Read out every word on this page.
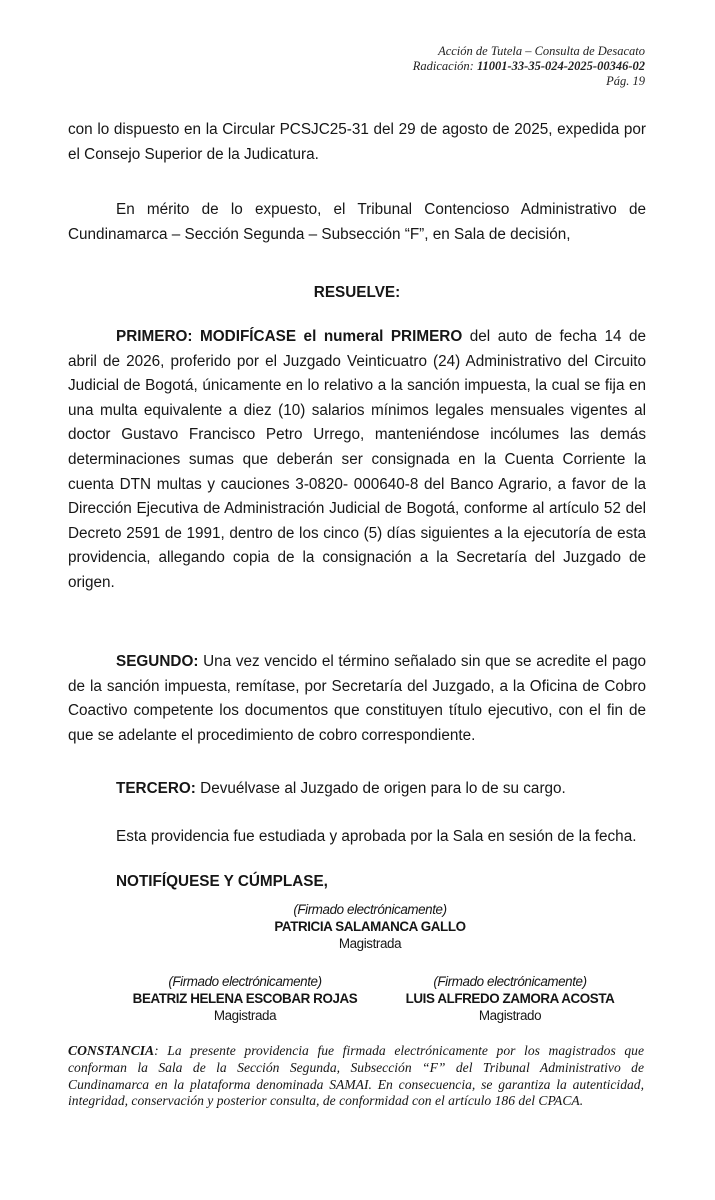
Acción de Tutela – Consulta de Desacato
Radicación: 11001-33-35-024-2025-00346-02
Pág. 19

con lo dispuesto en la Circular PCSJC25-31 del 29 de agosto de 2025, expedida por el Consejo Superior de la Judicatura.

En mérito de lo expuesto, el Tribunal Contencioso Administrativo de Cundinamarca – Sección Segunda – Subsección “F”, en Sala de decisión,

RESUELVE:

PRIMERO: MODIFÍCASE el numeral PRIMERO del auto de fecha 14 de abril de 2026, proferido por el Juzgado Veinticuatro (24) Administrativo del Circuito Judicial de Bogotá, únicamente en lo relativo a la sanción impuesta, la cual se fija en una multa equivalente a diez (10) salarios mínimos legales mensuales vigentes al doctor Gustavo Francisco Petro Urrego, manteniéndose incólumes las demás determinaciones sumas que deberán ser consignada en la Cuenta Corriente la cuenta DTN multas y cauciones 3-0820- 000640-8 del Banco Agrario, a favor de la Dirección Ejecutiva de Administración Judicial de Bogotá, conforme al artículo 52 del Decreto 2591 de 1991, dentro de los cinco (5) días siguientes a la ejecutoría de esta providencia, allegando copia de la consignación a la Secretaría del Juzgado de origen.

SEGUNDO: Una vez vencido el término señalado sin que se acredite el pago de la sanción impuesta, remítase, por Secretaría del Juzgado, a la Oficina de Cobro Coactivo competente los documentos que constituyen título ejecutivo, con el fin de que se adelante el procedimiento de cobro correspondiente.

TERCERO: Devuélvase al Juzgado de origen para lo de su cargo.

Esta providencia fue estudiada y aprobada por la Sala en sesión de la fecha.

NOTIFÍQUESE Y CÚMPLASE,

(Firmado electrónicamente)
PATRICIA SALAMANCA GALLO
Magistrada
(Firmado electrónicamente)
BEATRIZ HELENA ESCOBAR ROJAS
Magistrada
(Firmado electrónicamente)
LUIS ALFREDO ZAMORA ACOSTA
Magistrado

CONSTANCIA: La presente providencia fue firmada electrónicamente por los magistrados que conforman la Sala de la Sección Segunda, Subsección “F” del Tribunal Administrativo de Cundinamarca en la plataforma denominada SAMAI. En consecuencia, se garantiza la autenticidad, integridad, conservación y posterior consulta, de conformidad con el artículo 186 del CPACA.
